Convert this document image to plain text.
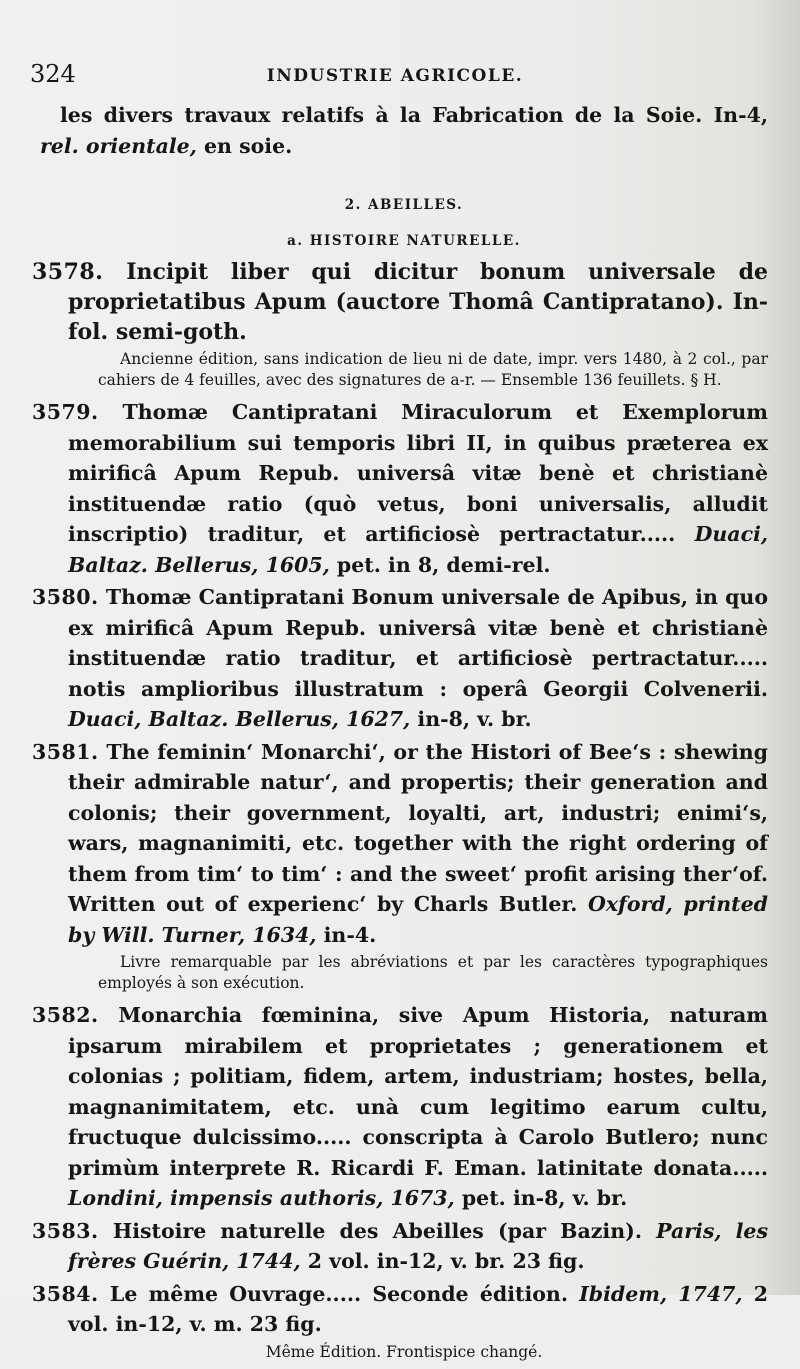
324	INDUSTRIE AGRICOLE.

les divers travaux relatifs à la Fabrication de la Soie. In-4, rel. orientale, en soie.

2. ABEILLES.
a. HISTOIRE NATURELLE.

3578. Incipit liber qui dicitur bonum universale de proprietatibus Apum (auctore Thomâ Cantipratano). In-fol. semi-goth.

Ancienne édition, sans indication de lieu ni de date, impr. vers 1480, à 2 col., par cahiers de 4 feuilles, avec des signatures de a-r. — Ensemble 136 feuillets. § H.

3579. Thomæ Cantipratani Miraculorum et Exemplorum memorabilium sui temporis libri II, in quibus præterea ex mirificâ Apum Repub. universâ vitæ benè et christianè instituendæ ratio (quò vetus, boni universalis, alludit inscriptio) traditur, et artificiosè pertractatur..... Duaci, Baltaz. Bellerus, 1605, pet. in 8, demi-rel.

3580. Thomæ Cantipratani Bonum universale de Apibus, in quo ex mirificâ Apum Repub. universâ vitæ benè et christianè instituendæ ratio traditur, et artificiosè pertractatur..... notis amplioribus illustratum : operâ Georgii Colvenerii. Duaci, Baltaz. Bellerus, 1627, in-8, v. br.

3581. The feminin‘ Monarchi‘, or the Histori of Bee‘s : shewing their admirable natur‘, and propertis; their generation and colonis; their government, loyalti, art, industri; enimi‘s, wars, magnanimiti, etc. together with the right ordering of them from tim‘ to tim‘ : and the sweet‘ profit arising ther‘of. Written out of experienc‘ by Charls Butler. Oxford, printed by Will. Turner, 1634, in-4.

Livre remarquable par les abréviations et par les caractères typographiques employés à son exécution.

3582. Monarchia fœminina, sive Apum Historia, naturam ipsarum mirabilem et proprietates ; generationem et colonias ; politiam, fidem, artem, industriam; hostes, bella, magnanimitatem, etc. unà cum legitimo earum cultu, fructuque dulcissimo..... conscripta à Carolo Butlero; nunc primùm interprete R. Ricardi F. Eman. latinitate donata..... Londini, impensis authoris, 1673, pet. in-8, v. br.

3583. Histoire naturelle des Abeilles (par Bazin). Paris, les frères Guérin, 1744, 2 vol. in-12, v. br. 23 fig.

3584. Le même Ouvrage..... Seconde édition. Ibidem, 1747, 2 vol. in-12, v. m. 23 fig.

Même Édition. Frontispice changé.
